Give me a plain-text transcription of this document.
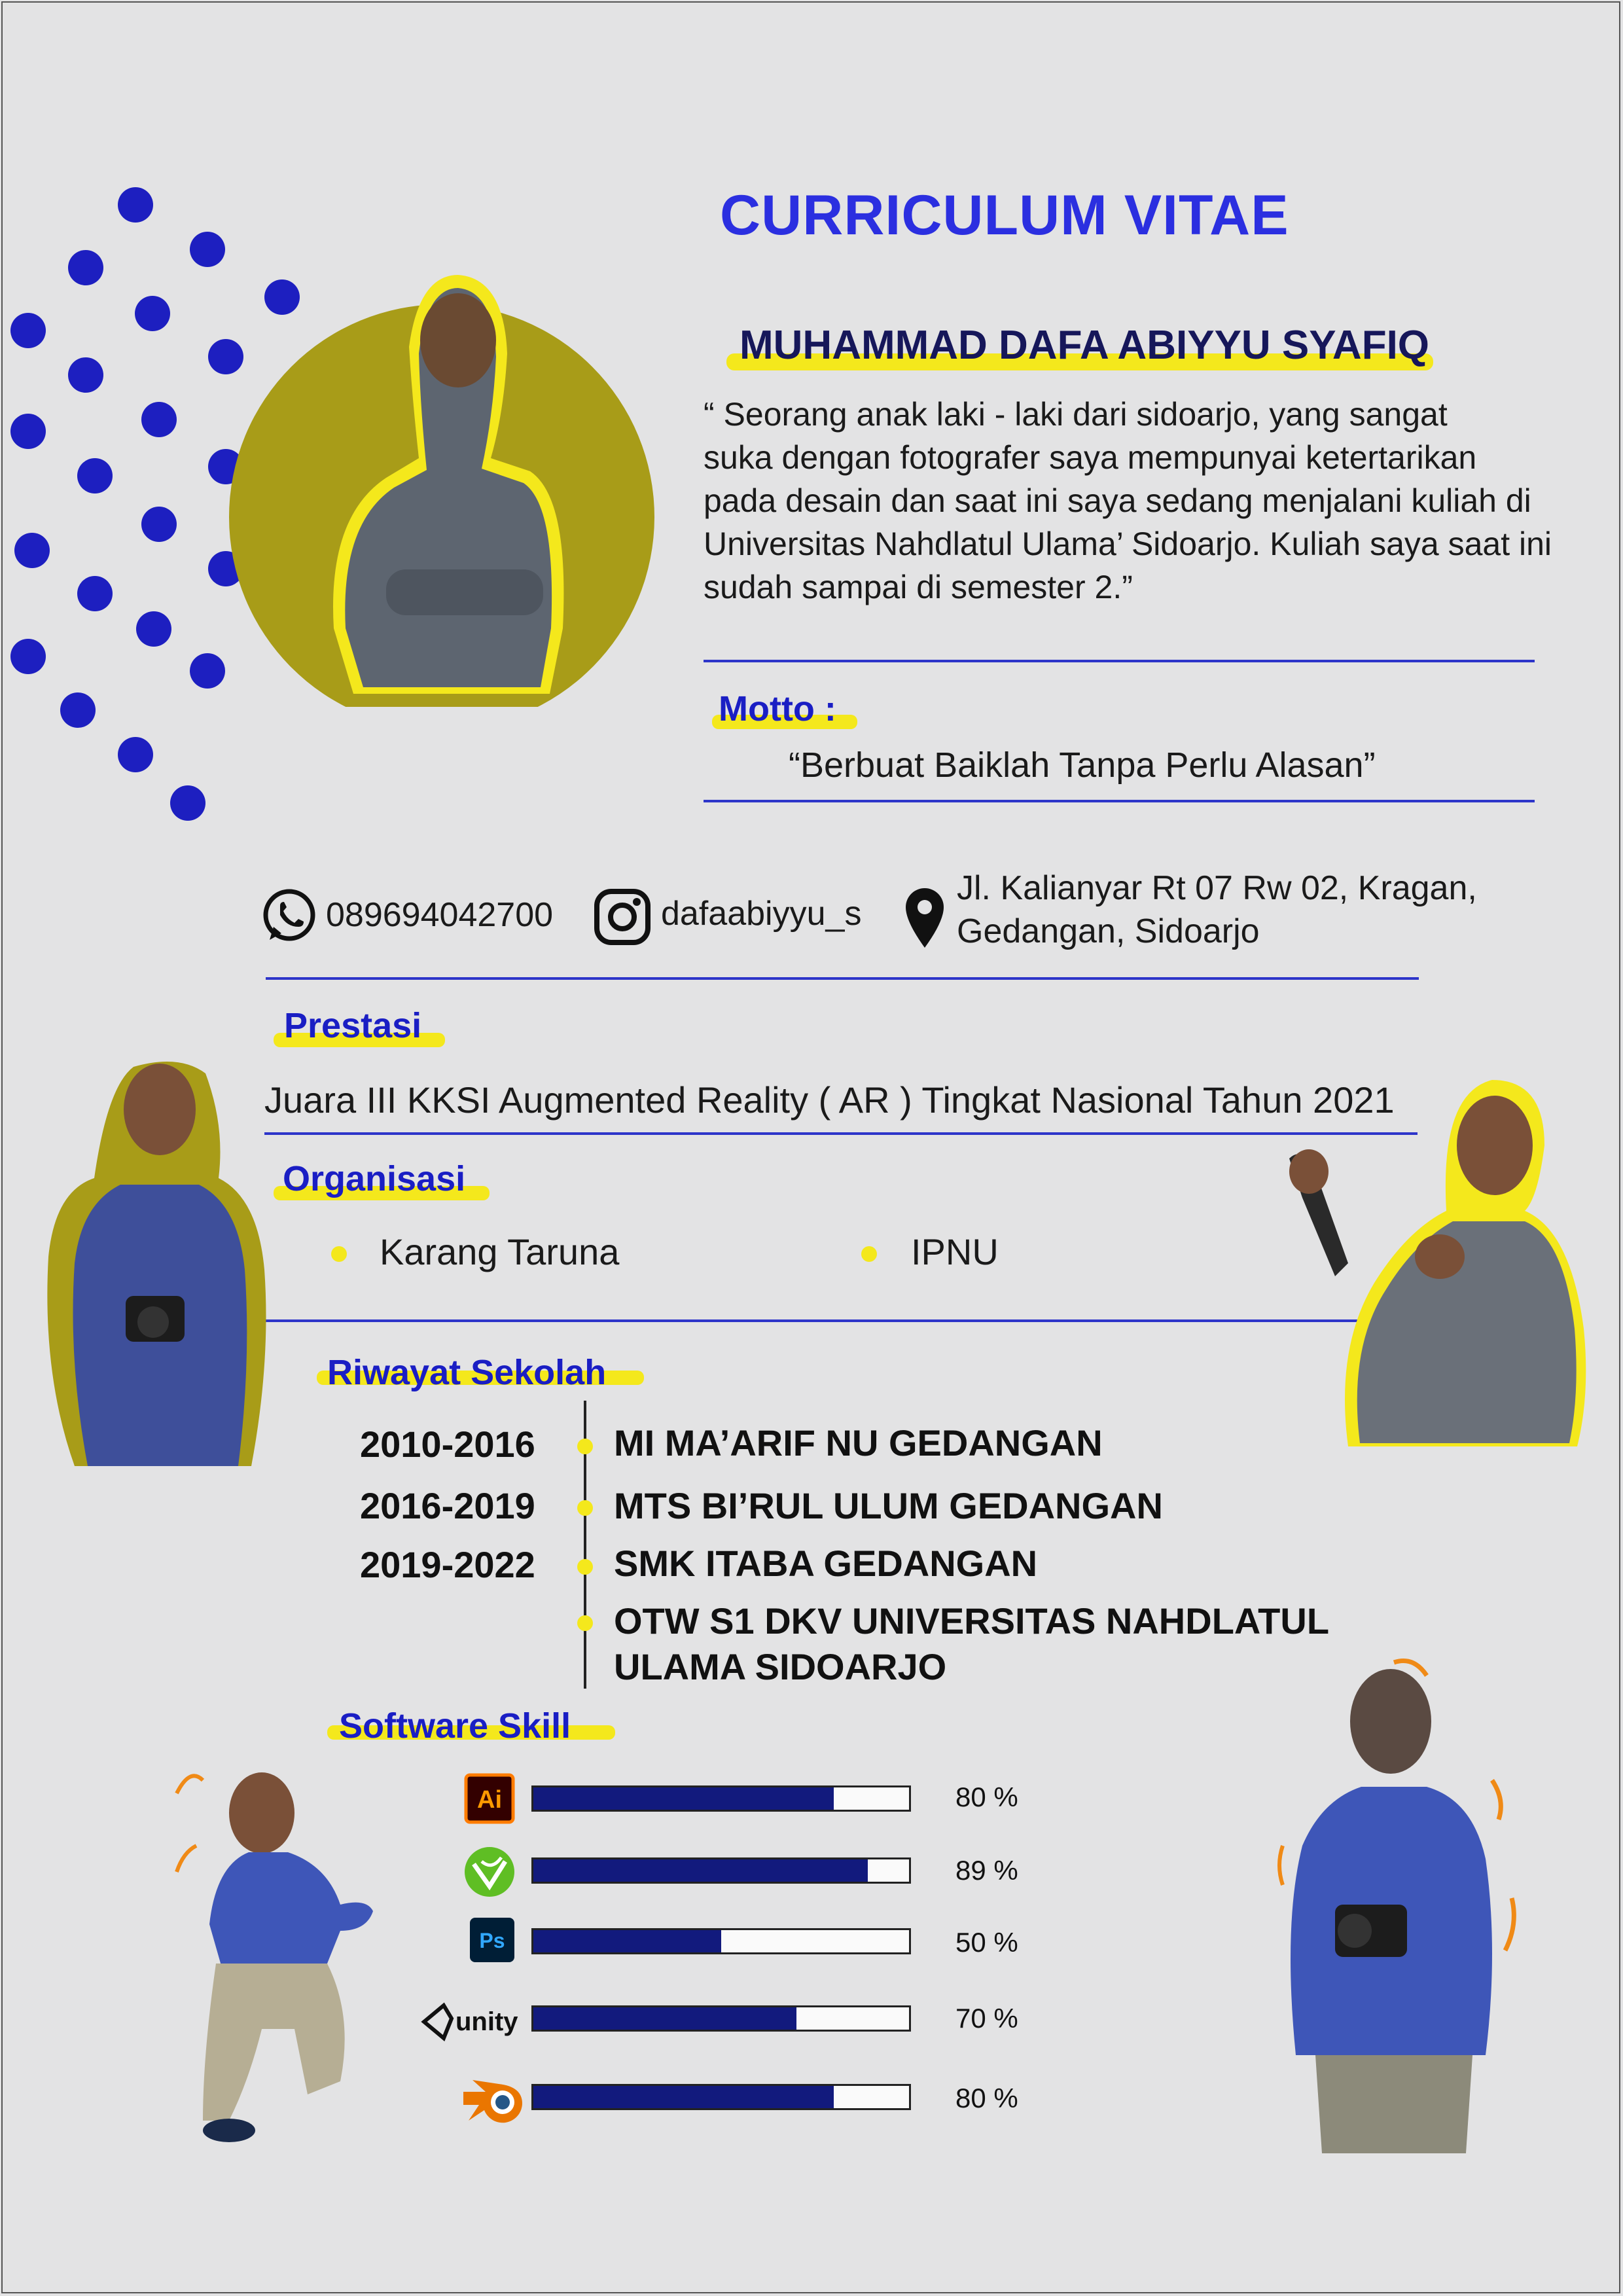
CURRICULUM VITAE
MUHAMMAD DAFA ABIYYU SYAFIQ
“ Seorang anak laki - laki dari sidoarjo, yang sangat
suka dengan fotografer saya mempunyai ketertarikan
pada desain dan saat ini saya sedang menjalani kuliah di
Universitas Nahdlatul Ulama’ Sidoarjo. Kuliah saya saat ini
sudah sampai di semester 2.”
Motto :
“Berbuat Baiklah Tanpa Perlu Alasan”
089694042700	dafaabiyyu_s
Jl. Kalianyar Rt 07 Rw 02, Kragan,
Gedangan, Sidoarjo
Prestasi
Juara III KKSI Augmented Reality ( AR ) Tingkat Nasional Tahun 2021
Organisasi
Karang Taruna	IPNU
Riwayat Sekolah
2010-2016 MI MA’ARIF NU GEDANGAN
2016-2019 MTS BI’RUL ULUM GEDANGAN
2019-2022 SMK ITABA GEDANGAN
OTW S1 DKV UNIVERSITAS NAHDLATUL
ULAMA SIDOARJO
Software Skill
Ai
Ps
unity
80 %
89 %
50 %
70 %
80 %
